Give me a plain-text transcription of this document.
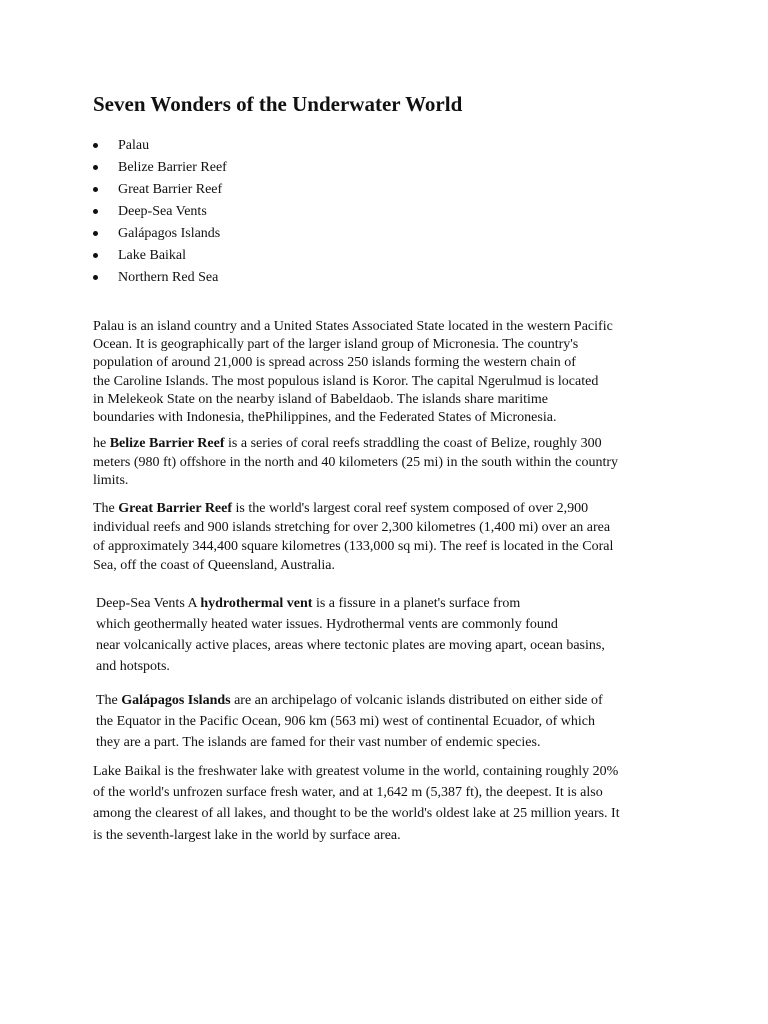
Seven Wonders of the Underwater World
Palau
Belize Barrier Reef
Great Barrier Reef
Deep-Sea Vents
Galápagos Islands
Lake Baikal
Northern Red Sea

Palau is an island country and a United States Associated State located in the western Pacific
Ocean. It is geographically part of the larger island group of Micronesia. The country's
population of around 21,000 is spread across 250 islands forming the western chain of
the Caroline Islands. The most populous island is Koror. The capital Ngerulmud is located
in Melekeok State on the nearby island of Babeldaob. The islands share maritime
boundaries with Indonesia, thePhilippines, and the Federated States of Micronesia.

he Belize Barrier Reef is a series of coral reefs straddling the coast of Belize, roughly 300
meters (980 ft) offshore in the north and 40 kilometers (25 mi) in the south within the country
limits.

The Great Barrier Reef is the world's largest coral reef system composed of over 2,900
individual reefs and 900 islands stretching for over 2,300 kilometres (1,400 mi) over an area
of approximately 344,400 square kilometres (133,000 sq mi). The reef is located in the Coral
Sea, off the coast of Queensland, Australia.

Deep-Sea Vents A hydrothermal vent is a fissure in a planet's surface from
which geothermally heated water issues. Hydrothermal vents are commonly found
near volcanically active places, areas where tectonic plates are moving apart, ocean basins,
and hotspots.

The Galápagos Islands are an archipelago of volcanic islands distributed on either side of
the Equator in the Pacific Ocean, 906 km (563 mi) west of continental Ecuador, of which
they are a part. The islands are famed for their vast number of endemic species.

Lake Baikal is the freshwater lake with greatest volume in the world, containing roughly 20%
of the world's unfrozen surface fresh water, and at 1,642 m (5,387 ft), the deepest. It is also
among the clearest of all lakes, and thought to be the world's oldest lake at 25 million years. It
is the seventh-largest lake in the world by surface area.
